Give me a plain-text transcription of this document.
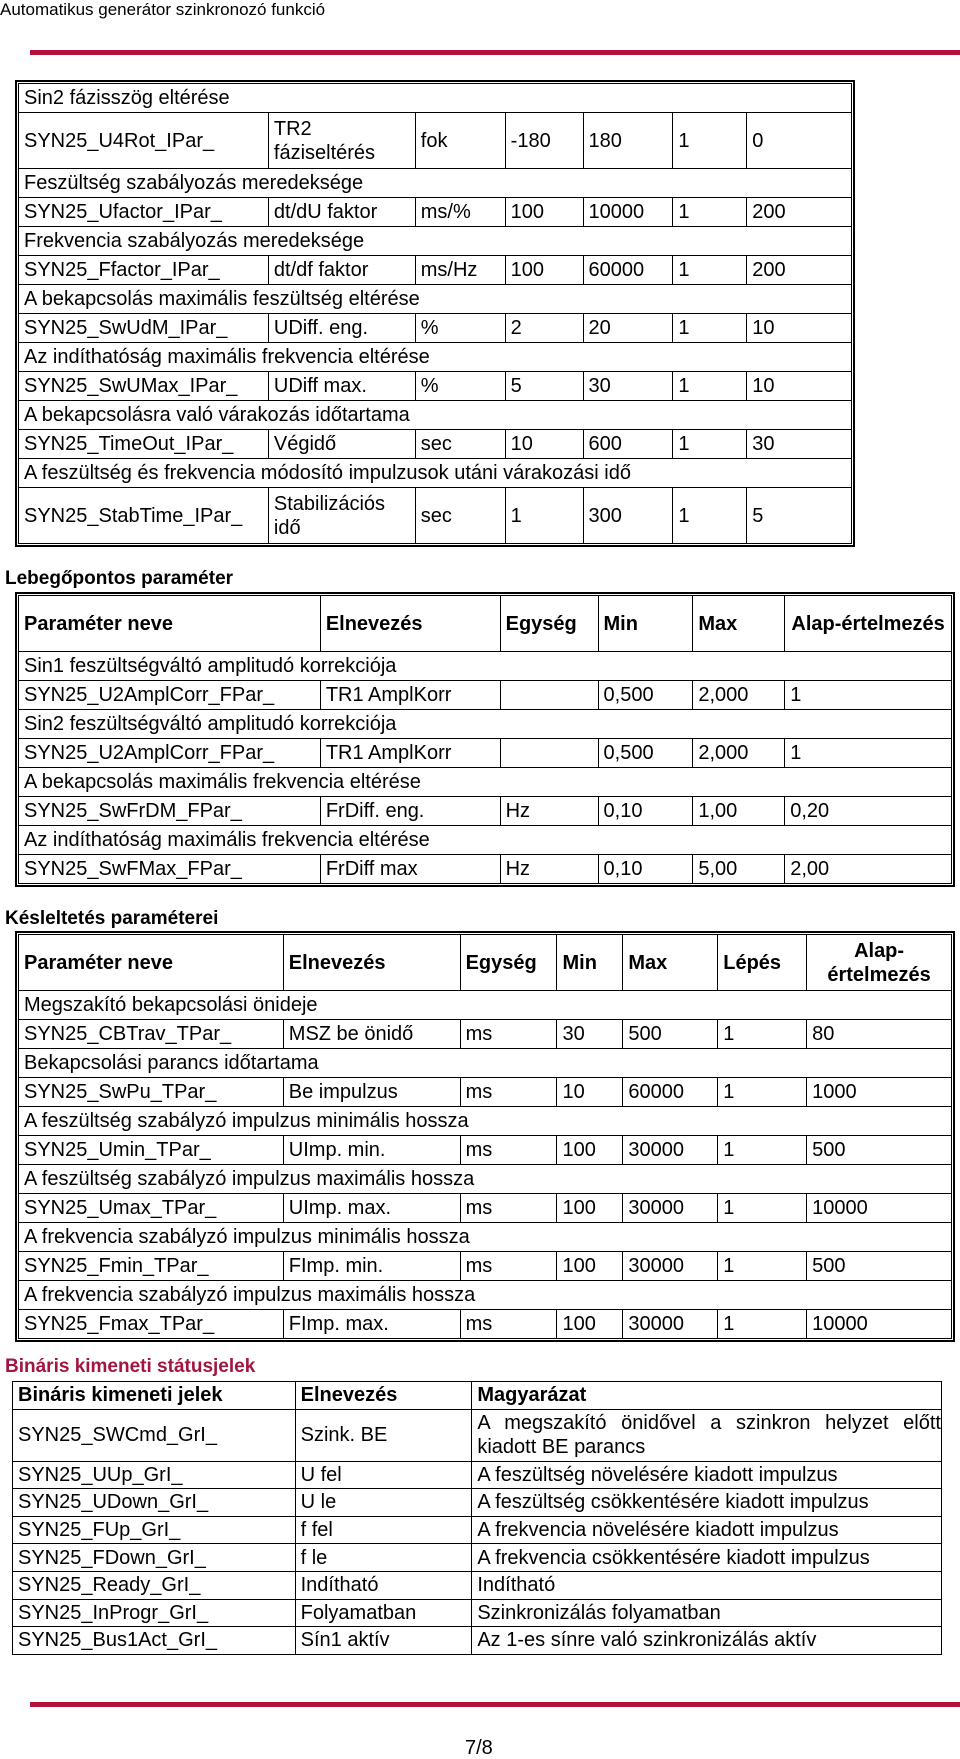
Automatikus generátor szinkronozó funkció
Sin2 fázisszög eltérése						
SYN25_U4Rot_IPar_	TR2 fáziseltérés	fok	-180	180	1	0
Feszültség szabályozás meredeksége						
SYN25_Ufactor_IPar_	dt/dU faktor	ms/%	100	10000	1	200
Frekvencia szabályozás meredeksége						
SYN25_Ffactor_IPar_	dt/df faktor	ms/Hz	100	60000	1	200
A bekapcsolás maximális feszültség eltérése						
SYN25_SwUdM_IPar_	UDiff. eng.	%	2	20	1	10
Az indíthatóság maximális frekvencia eltérése						
SYN25_SwUMax_IPar_	UDiff max.	%	5	30	1	10
A bekapcsolásra való várakozás időtartama						
SYN25_TimeOut_IPar_	Végidő	sec	10	600	1	30
A feszültség és frekvencia módosító impulzusok utáni várakozási idő						
SYN25_StabTime_IPar_	Stabilizációs idő	sec	1	300	1	5
Lebegőpontos paraméter
Paraméter neve	Elnevezés	Egység	Min	Max	Alap-értelmezés
Sin1 feszültségváltó amplitudó korrekciója					
SYN25_U2AmplCorr_FPar_	TR1 AmplKorr		0,500	2,000	1
Sin2 feszültségváltó amplitudó korrekciója					
SYN25_U2AmplCorr_FPar_	TR1 AmplKorr		0,500	2,000	1
A bekapcsolás maximális frekvencia eltérése					
SYN25_SwFrDM_FPar_	FrDiff. eng.	Hz	0,10	1,00	0,20
Az indíthatóság maximális frekvencia eltérése					
SYN25_SwFMax_FPar_	FrDiff max	Hz	0,10	5,00	2,00
Késleltetés paraméterei
Paraméter neve	Elnevezés	Egység	Min	Max	Lépés	Alap-értelmezés
Megszakító bekapcsolási önideje						
SYN25_CBTrav_TPar_	MSZ be önidő	ms	30	500	1	80
Bekapcsolási parancs időtartama						
SYN25_SwPu_TPar_	Be impulzus	ms	10	60000	1	1000
A feszültség szabályzó impulzus minimális hossza						
SYN25_Umin_TPar_	UImp. min.	ms	100	30000	1	500
A feszültség szabályzó impulzus maximális hossza						
SYN25_Umax_TPar_	UImp. max.	ms	100	30000	1	10000
A frekvencia szabályzó impulzus minimális hossza						
SYN25_Fmin_TPar_	FImp. min.	ms	100	30000	1	500
A frekvencia szabályzó impulzus maximális hossza						
SYN25_Fmax_TPar_	FImp. max.	ms	100	30000	1	10000
Bináris kimeneti státusjelek
Bináris kimeneti jelek	Elnevezés	Magyarázat
SYN25_SWCmd_GrI_	Szink. BE	A megszakító önidővel a szinkron helyzet előtt kiadott BE parancs
SYN25_UUp_GrI_	U fel	A feszültség növelésére kiadott impulzus
SYN25_UDown_GrI_	U le	A feszültség csökkentésére kiadott impulzus
SYN25_FUp_GrI_	f fel	A frekvencia növelésére kiadott impulzus
SYN25_FDown_GrI_	f le	A frekvencia csökkentésére kiadott impulzus
SYN25_Ready_GrI_	Indítható	Indítható
SYN25_InProgr_GrI_	Folyamatban	Szinkronizálás folyamatban
SYN25_Bus1Act_GrI_	Sín1 aktív	Az 1-es sínre való szinkronizálás aktív
7/8
